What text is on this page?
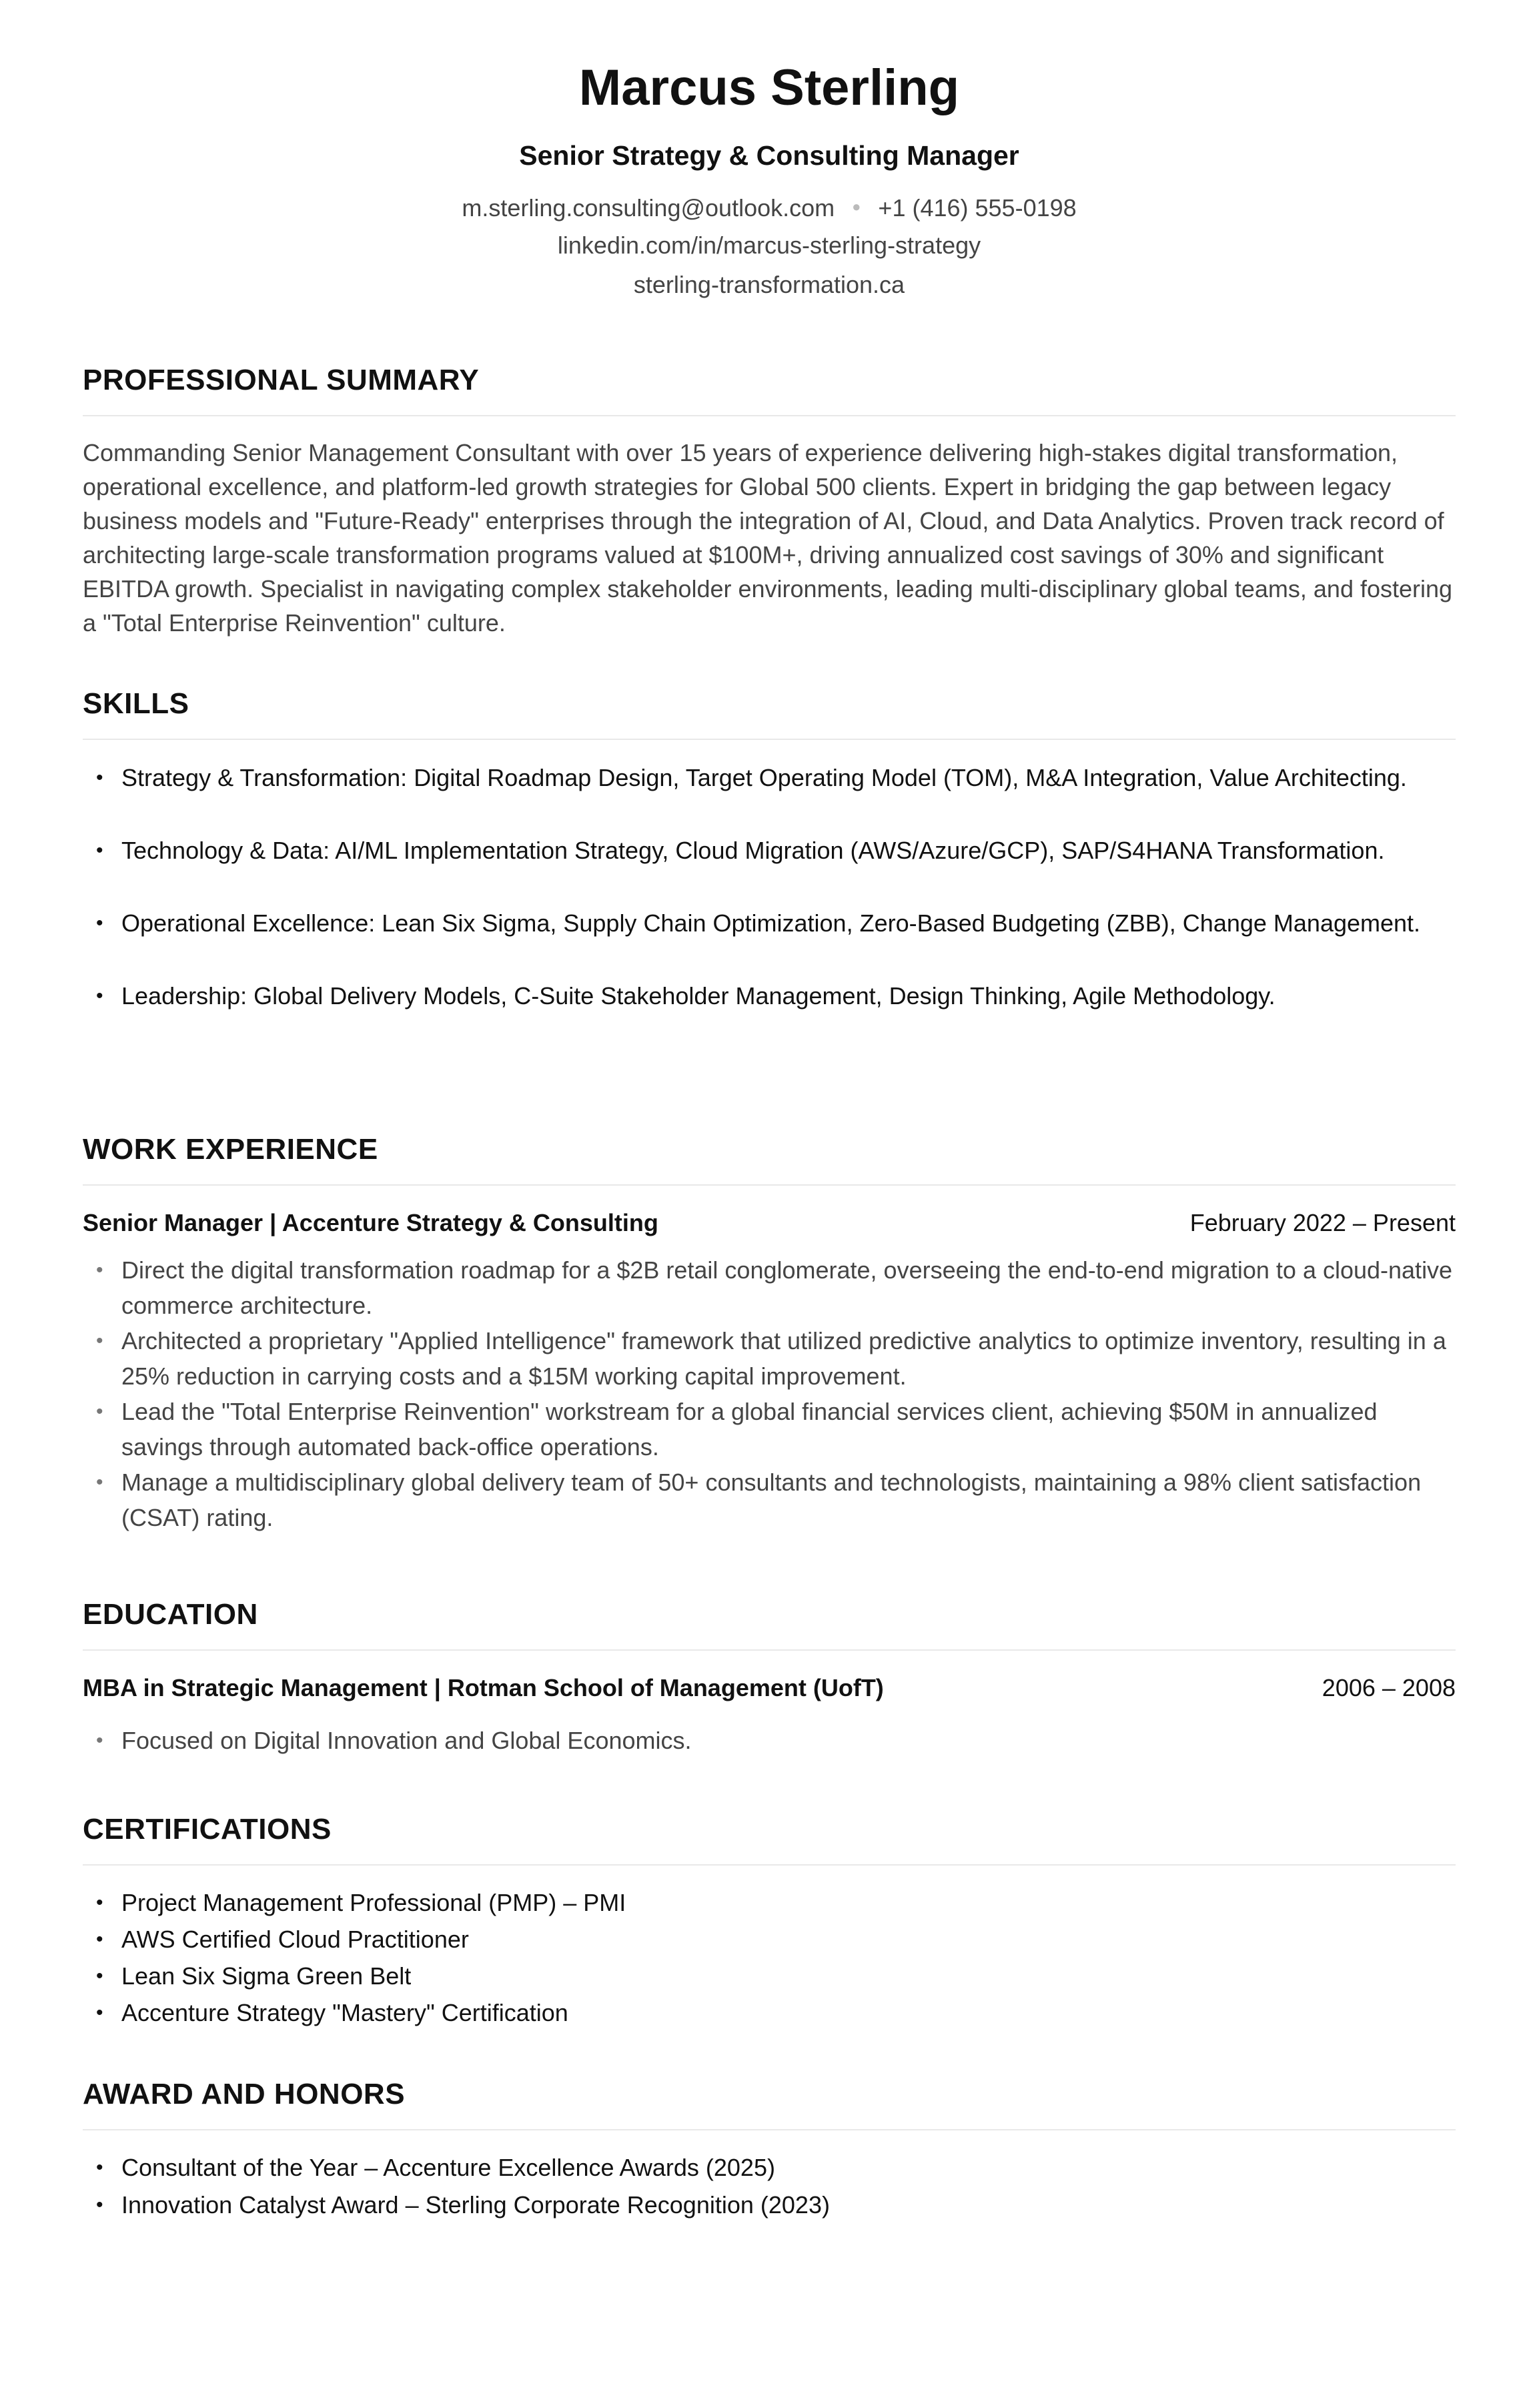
Marcus Sterling
Senior Strategy & Consulting Manager
m.sterling.consulting@outlook.com ● +1 (416) 555-0198
linkedin.com/in/marcus-sterling-strategy
sterling-transformation.ca
PROFESSIONAL SUMMARY
Commanding Senior Management Consultant with over 15 years of experience delivering high-stakes digital transformation, operational excellence, and platform-led growth strategies for Global 500 clients. Expert in bridging the gap between legacy business models and "Future-Ready" enterprises through the integration of AI, Cloud, and Data Analytics. Proven track record of architecting large-scale transformation programs valued at $100M+, driving annualized cost savings of 30% and significant EBITDA growth. Specialist in navigating complex stakeholder environments, leading multi-disciplinary global teams, and fostering a "Total Enterprise Reinvention" culture.
SKILLS
• Strategy & Transformation: Digital Roadmap Design, Target Operating Model (TOM), M&A Integration, Value Architecting.
• Technology & Data: AI/ML Implementation Strategy, Cloud Migration (AWS/Azure/GCP), SAP/S4HANA Transformation.
• Operational Excellence: Lean Six Sigma, Supply Chain Optimization, Zero-Based Budgeting (ZBB), Change Management.
• Leadership: Global Delivery Models, C-Suite Stakeholder Management, Design Thinking, Agile Methodology.
WORK EXPERIENCE
Senior Manager | Accenture Strategy & Consulting	February 2022 – Present
• Direct the digital transformation roadmap for a $2B retail conglomerate, overseeing the end-to-end migration to a cloud-native commerce architecture.
• Architected a proprietary "Applied Intelligence" framework that utilized predictive analytics to optimize inventory, resulting in a 25% reduction in carrying costs and a $15M working capital improvement.
• Lead the "Total Enterprise Reinvention" workstream for a global financial services client, achieving $50M in annualized savings through automated back-office operations.
• Manage a multidisciplinary global delivery team of 50+ consultants and technologists, maintaining a 98% client satisfaction (CSAT) rating.
EDUCATION
MBA in Strategic Management | Rotman School of Management (UofT)	2006 – 2008
• Focused on Digital Innovation and Global Economics.
CERTIFICATIONS
• Project Management Professional (PMP) – PMI
• AWS Certified Cloud Practitioner
• Lean Six Sigma Green Belt
• Accenture Strategy "Mastery" Certification
AWARD AND HONORS
• Consultant of the Year – Accenture Excellence Awards (2025)
• Innovation Catalyst Award – Sterling Corporate Recognition (2023)
